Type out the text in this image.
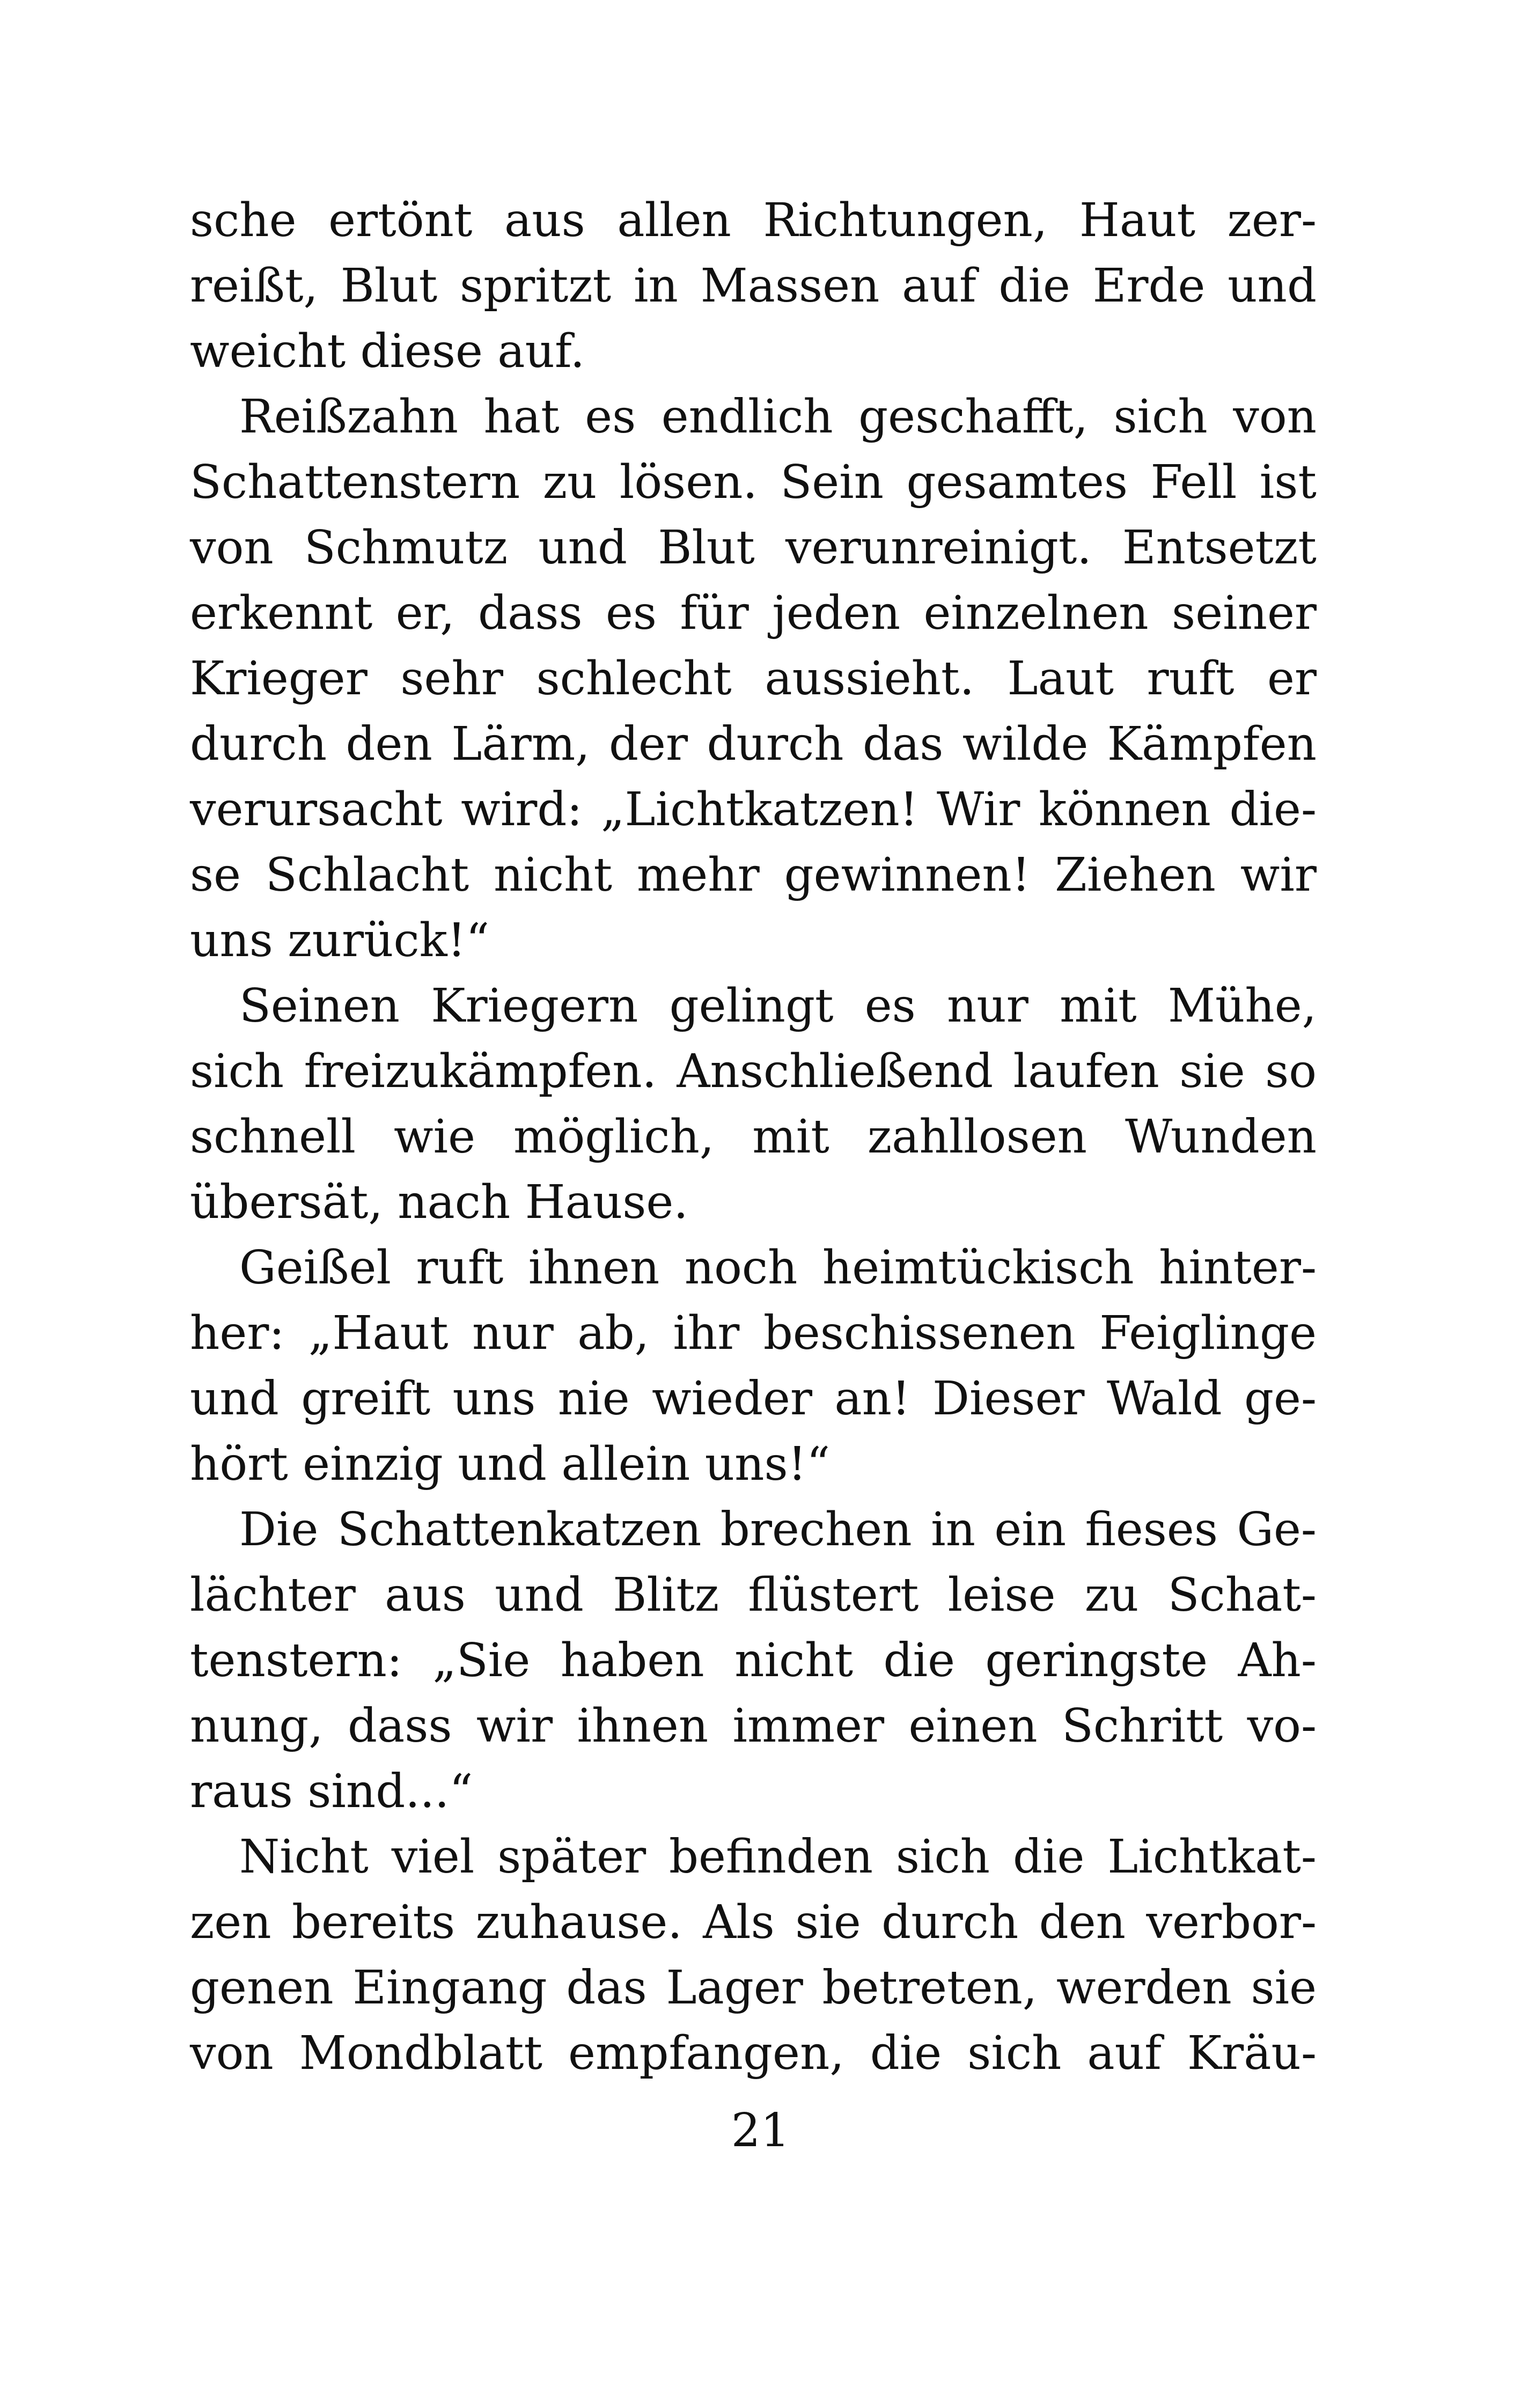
sche ertönt aus allen Richtungen, Haut zer-
reißt, Blut spritzt in Massen auf die Erde und
weicht diese auf.
Reißzahn hat es endlich geschafft, sich von
Schattenstern zu lösen. Sein gesamtes Fell ist
von Schmutz und Blut verunreinigt. Entsetzt
erkennt er, dass es für jeden einzelnen seiner
Krieger sehr schlecht aussieht. Laut ruft er
durch den Lärm, der durch das wilde Kämpfen
verursacht wird: „Lichtkatzen! Wir können die-
se Schlacht nicht mehr gewinnen! Ziehen wir
uns zurück!“
Seinen Kriegern gelingt es nur mit Mühe,
sich freizukämpfen. Anschließend laufen sie so
schnell wie möglich, mit zahllosen Wunden
übersät, nach Hause.
Geißel ruft ihnen noch heimtückisch hinter-
her: „Haut nur ab, ihr beschissenen Feiglinge
und greift uns nie wieder an! Dieser Wald ge-
hört einzig und allein uns!“
Die Schattenkatzen brechen in ein fieses Ge-
lächter aus und Blitz flüstert leise zu Schat-
tenstern: „Sie haben nicht die geringste Ah-
nung, dass wir ihnen immer einen Schritt vo-
raus sind...“
Nicht viel später befinden sich die Lichtkat-
zen bereits zuhause. Als sie durch den verbor-
genen Eingang das Lager betreten, werden sie
von Mondblatt empfangen, die sich auf Kräu-
21
